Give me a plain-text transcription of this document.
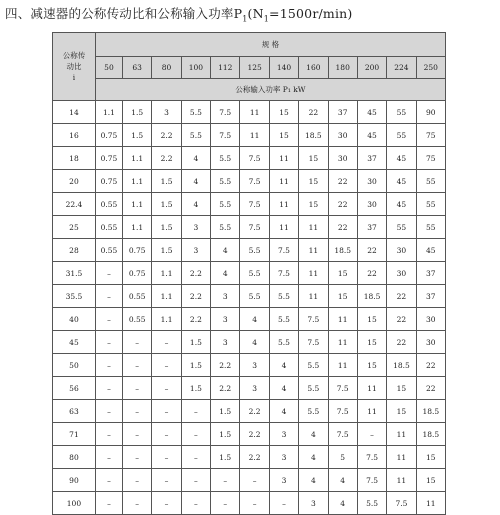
四、减速器的公称传动比和公称输入功率$P_1(N_1=1500r/\min)$
公称传
动比
i	规 格											
	50	63	80	100	112	125	140	160	180	200	224	250
	公称输入功率 P₁ kW											
14	1.1	1.5	3	5.5	7.5	11	15	22	37	45	55	90
16	0.75	1.5	2.2	5.5	7.5	11	15	18.5	30	45	55	75
18	0.75	1.1	2.2	4	5.5	7.5	11	15	30	37	45	75
20	0.75	1.1	1.5	4	5.5	7.5	11	15	22	30	45	55
22.4	0.55	1.1	1.5	4	5.5	7.5	11	15	22	30	45	55
25	0.55	1.1	1.5	3	5.5	7.5	11	11	22	37	55	55
28	0.55	0.75	1.5	3	4	5.5	7.5	11	18.5	22	30	45
31.5	–	0.75	1.1	2.2	4	5.5	7.5	11	15	22	30	37
35.5	–	0.55	1.1	2.2	3	5.5	5.5	11	15	18.5	22	37
40	–	0.55	1.1	2.2	3	4	5.5	7.5	11	15	22	30
45	–	–	–	1.5	3	4	5.5	7.5	11	15	22	30
50	–	–	–	1.5	2.2	3	4	5.5	11	15	18.5	22
56	–	–	–	1.5	2.2	3	4	5.5	7.5	11	15	22
63	–	–	–	–	1.5	2.2	4	5.5	7.5	11	15	18.5
71	–	–	–	–	1.5	2.2	3	4	7.5	–	11	18.5
80	–	–	–	–	1.5	2.2	3	4	5	7.5	11	15
90	–	–	–	–	–	–	3	4	4	7.5	11	15
100	–	–	–	–	–	–	–	3	4	5.5	7.5	11
